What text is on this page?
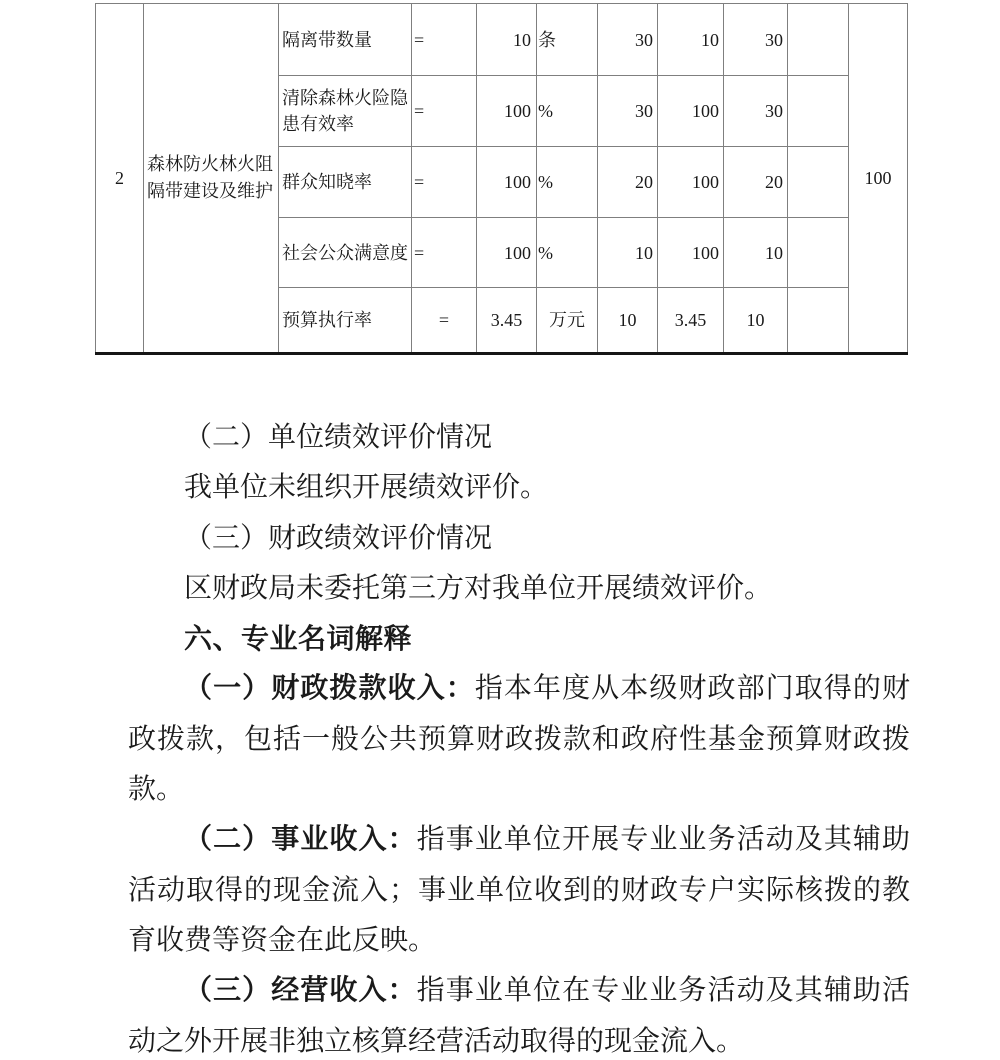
2	森林防火林火阻隔带建设及维护	隔离带数量	=	10	条	30	10	30		100
		清除森林火险隐患有效率	=	100	%	30	100	30		
		群众知晓率	=	100	%	20	100	20		
		社会公众满意度	=	100	%	10	100	10		
		预算执行率	=	3.45	万元	10	3.45	10		
（二）单位绩效评价情况
我单位未组织开展绩效评价。
（三）财政绩效评价情况
区财政局未委托第三方对我单位开展绩效评价。
六、专业名词解释
（一）财政拨款收入：指本年度从本级财政部门取得的财政拨款，包括一般公共预算财政拨款和政府性基金预算财政拨款。
（二）事业收入：指事业单位开展专业业务活动及其辅助活动取得的现金流入；事业单位收到的财政专户实际核拨的教育收费等资金在此反映。
（三）经营收入：指事业单位在专业业务活动及其辅助活动之外开展非独立核算经营活动取得的现金流入。
